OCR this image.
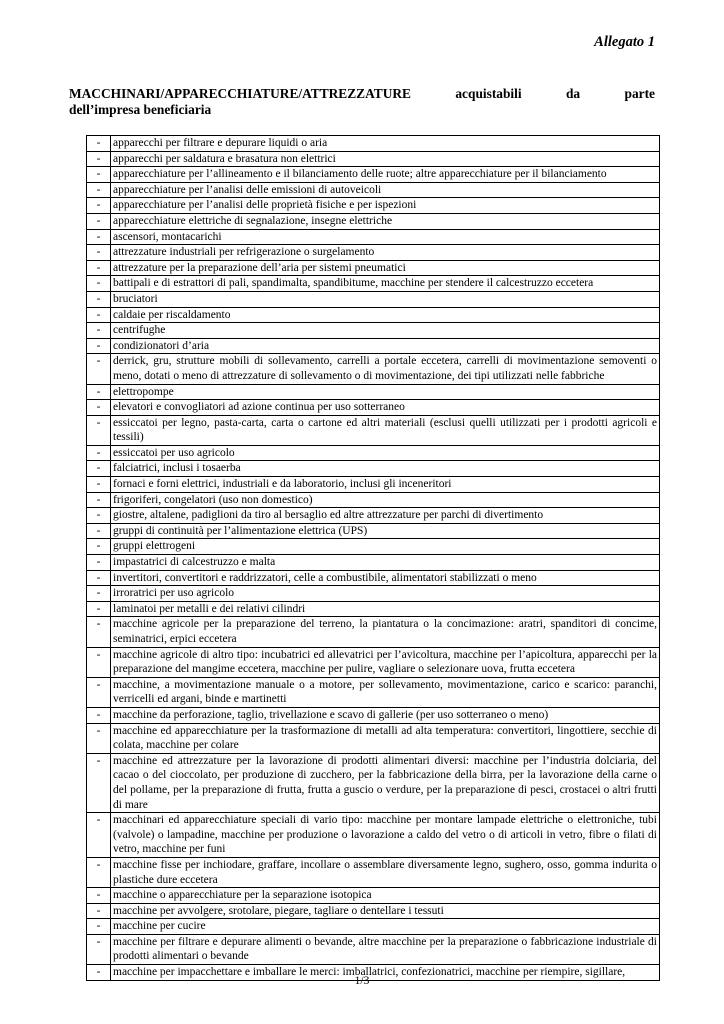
Allegato 1
MACCHINARI/APPARECCHIATURE/ATTREZZATURE	acquistabili	da	parte
dell’impresa beneficiaria
-	apparecchi per filtrare e depurare liquidi o aria
-	apparecchi per saldatura e brasatura non elettrici
-	apparecchiature per l’allineamento e il bilanciamento delle ruote; altre apparecchiature per il bilanciamento
-	apparecchiature per l’analisi delle emissioni di autoveicoli
-	apparecchiature per l’analisi delle proprietà fisiche e per ispezioni
-	apparecchiature elettriche di segnalazione, insegne elettriche
-	ascensori, montacarichi
-	attrezzature industriali per refrigerazione o surgelamento
-	attrezzature per la preparazione dell’aria per sistemi pneumatici
-	battipali e di estrattori di pali, spandimalta, spandibitume, macchine per stendere il calcestruzzo eccetera
-	bruciatori
-	caldaie per riscaldamento
-	centrifughe
-	condizionatori d’aria
-	derrick, gru, strutture mobili di sollevamento, carrelli a portale eccetera, carrelli di movimentazione semoventi o meno, dotati o meno di attrezzature di sollevamento o di movimentazione, dei tipi utilizzati nelle fabbriche
-	elettropompe
-	elevatori e convogliatori ad azione continua per uso sotterraneo
-	essiccatoi per legno, pasta-carta, carta o cartone ed altri materiali (esclusi quelli utilizzati per i prodotti agricoli e tessili)
-	essiccatoi per uso agricolo
-	falciatrici, inclusi i tosaerba
-	fornaci e forni elettrici, industriali e da laboratorio, inclusi gli inceneritori
-	frigoriferi, congelatori (uso non domestico)
-	giostre, altalene, padiglioni da tiro al bersaglio ed altre attrezzature per parchi di divertimento
-	gruppi di continuità per l’alimentazione elettrica (UPS)
-	gruppi elettrogeni
-	impastatrici di calcestruzzo e malta
-	invertitori, convertitori e raddrizzatori, celle a combustibile, alimentatori stabilizzati o meno
-	irroratrici per uso agricolo
-	laminatoi per metalli e dei relativi cilindri
-	macchine agricole per la preparazione del terreno, la piantatura o la concimazione: aratri, spanditori di concime, seminatrici, erpici eccetera
-	macchine agricole di altro tipo: incubatrici ed allevatrici per l’avicoltura, macchine per l’apicoltura, apparecchi per la preparazione del mangime eccetera, macchine per pulire, vagliare o selezionare uova, frutta eccetera
-	macchine, a movimentazione manuale o a motore, per sollevamento, movimentazione, carico e scarico: paranchi, verricelli ed argani, binde e martinetti
-	macchine da perforazione, taglio, trivellazione e scavo di gallerie (per uso sotterraneo o meno)
-	macchine ed apparecchiature per la trasformazione di metalli ad alta temperatura: convertitori, lingottiere, secchie di colata, macchine per colare
-	macchine ed attrezzature per la lavorazione di prodotti alimentari diversi: macchine per l’industria dolciaria, del cacao o del cioccolato, per produzione di zucchero, per la fabbricazione della birra, per la lavorazione della carne o del pollame, per la preparazione di frutta, frutta a guscio o verdure, per la preparazione di pesci, crostacei o altri frutti di mare
-	macchinari ed apparecchiature speciali di vario tipo: macchine per montare lampade elettriche o elettroniche, tubi (valvole) o lampadine, macchine per produzione o lavorazione a caldo del vetro o di articoli in vetro, fibre o filati di vetro, macchine per funi
-	macchine fisse per inchiodare, graffare, incollare o assemblare diversamente legno, sughero, osso, gomma indurita o plastiche dure eccetera
-	macchine o apparecchiature per la separazione isotopica
-	macchine per avvolgere, srotolare, piegare, tagliare o dentellare i tessuti
-	macchine per cucire
-	macchine per filtrare e depurare alimenti o bevande, altre macchine per la preparazione o fabbricazione industriale di prodotti alimentari o bevande
-	macchine per impacchettare e imballare le merci: imballatrici, confezionatrici, macchine per riempire, sigillare,
1/3
